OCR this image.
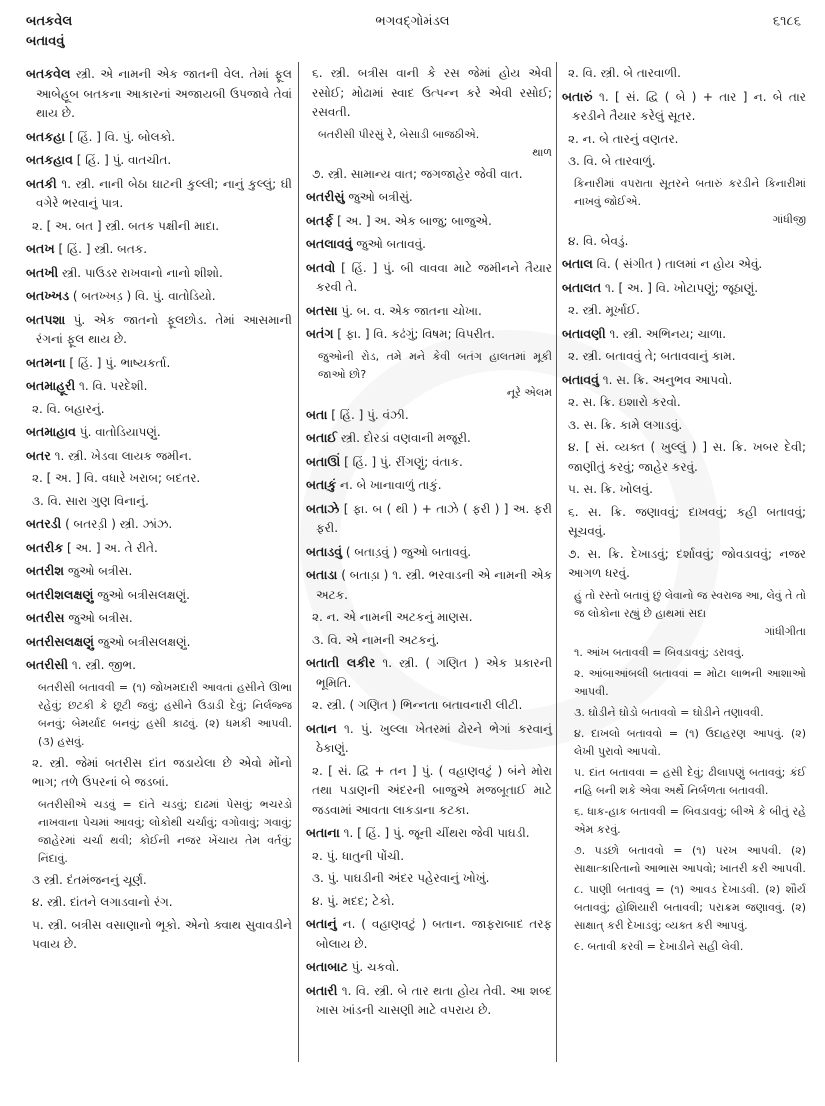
બતકવેલ
બતાવવું
ભગવદ્ગોમંડલ	૬૧૮૬

બતકવેલ સ્ત્રી. એ નામની એક જાતની વેલ. તેમાં ફૂલ આબેહૂબ બતકના આકારનાં અજાયબી ઉપજાવે તેવાં થાય છે.

બતકહા [ હિં. ] વિ. પું. બોલકો.

બતકહાવ [ હિં. ] પું. વાતચીત.

બતકી ૧. સ્ત્રી. નાની બેઠા ઘાટની કુલ્લી; નાનું કુલ્લું; ઘી વગેરે ભરવાનું પાત્ર.

૨. [ અ. બત ] સ્ત્રી. બતક પક્ષીની માદા.

બતખ [ હિં. ] સ્ત્રી. બતક.

બતખી સ્ત્રી. પાઉડર રાખવાનો નાનો શીશો.

બતખ્ખડ ( બતખ્ખડ઼ ) વિ. પું. વાતોડિયો.

બતપશા પું. એક જાતનો ફૂલછોડ. તેમાં આસમાની રંગનાં ફૂલ થાય છે.

બતમના [ હિં. ] પું. ભાષ્યકર્તા.

બતમાહૂરી ૧. વિ. પરદેશી.

૨. વિ. બહારનું.

બતમાહાવ પું. વાતોડિયાપણું.

બતર ૧. સ્ત્રી. ખેડવા લાયક જમીન.

૨. [ અ. ] વિ. વધારે ખરાબ; બદતર.

૩. વિ. સારા ગુણ વિનાનું.

બતરડી ( બતરડ઼ી ) સ્ત્રી. ઝાંઝ.

બતરીક [ અ. ] અ. તે રીતે.

બતરીશ જુઓ બત્રીસ.

બતરીશલક્ષણું જુઓ બત્રીસલક્ષણું.

બતરીસ જુઓ બત્રીસ.

બતરીસલક્ષણું જુઓ બત્રીસલક્ષણું.

બતરીસી ૧. સ્ત્રી. જીભ.

બતરીસી બતાવવી = (૧) જોખમદારી આવતાં હસીને ઊભા રહેવું; છટકી કે છૂટી જવું; હસીને ઉડાડી દેવું; નિર્લજ્જ બનવું; બેમર્યાદ બનવું; હસી કાઢવું. (૨) ધમકી આપવી. (૩) હસવું.

૨. સ્ત્રી. જેમાં બતરીસ દાંત જડાયેલા છે એવો મોંનો ભાગ; તળે ઉપરનાં બે જડબાં.

બતરીસીએ ચડવું = દાંતે ચડવું; દાઢમાં પેસવું; ભચરડો નાખવાના પેચમાં આવવું; લોકોથી ચર્ચાવું; વગોવાવું; ગવાવું; જાહેરમાં ચર્ચા થવી; કોઈની નજર ખેંચાય તેમ વર્તવું; નિંદાવું.

૩ સ્ત્રી. દંતમંજનનું ચૂર્ણ.

૪. સ્ત્રી. દાંતને લગાડવાનો રંગ.

૫. સ્ત્રી. બત્રીસ વસાણાનો ભૂકો. એનો ક્વાથ સુવાવડીને પવાય છે.

૬. સ્ત્રી. બત્રીસ વાની કે રસ જેમાં હોય એવી રસોઈ; મોઢામાં સ્વાદ ઉત્પન્ન કરે એવી રસોઈ; રસવતી.

બતરીસી પીરસું રે, બેસાડી બાજઠીએ.
થાળ

૭. સ્ત્રી. સામાન્ય વાત; જગજાહેર જેવી વાત.

બતરીસું જુઓ બત્રીસું.

બતર્ફ [ અ. ] અ. એક બાજુ; બાજુએ.

બતલાવવું જુઓ બતાવવું.

બતવો [ હિં. ] પું. બી વાવવા માટે જમીનને તૈયાર કરવી તે.

બતસા પું. બ. વ. એક જાતના ચોખા.

બતંગ [ ફા. ] વિ. કઢંગું; વિષમ; વિપરીત.

જુઓની રોડ, તમે મને કેવી બતંગ હાલતમાં મૂકી જાઓ છો?
નૂરે એલમ

બતા [ હિં. ] પું. વંઝી.

બતાઈ સ્ત્રી. દોરડાં વણવાની મજૂરી.

બતાઊં [ હિં. ] પું. રીંગણું; વંતાક.

બતાકું ન. બે ખાનાવાળું તાકું.

બતાઝે [ ફા. બ ( થી ) + તાઝે ( ફરી ) ] અ. ફરી ફરી.

બતાડવું ( બતાડ઼વું ) જુઓ બતાવવું.

બતાડા ( બતાડ઼ા ) ૧. સ્ત્રી. ભરવાડની એ નામની એક અટક.

૨. ન. એ નામની અટકનું માણસ.

૩. વિ. એ નામની અટકનું.

બતાતી લકીર ૧. સ્ત્રી. ( ગણિત ) એક પ્રકારની ભૂમિતિ.

૨. સ્ત્રી. ( ગણિત ) ભિન્નતા બતાવનારી લીટી.

બતાન ૧. પું. ખુલ્લા ખેતરમાં ઢોરને ભેગાં કરવાનું ઠેકાણું.

૨. [ સં. દ્વિ + તન ] પું. ( વહાણવટું ) બંને મોરા તથા પડાણની અંદરની બાજુએ મજબૂતાઈ માટે જડવામાં આવતા લાકડાના કટકા.

બતાના ૧. [ હિં. ] પું. જૂની ચીંથરા જેવી પાઘડી.

૨. પું. ધાતુની પોંચી.

૩. પું. પાઘડીની અંદર પહેરવાનું ખોખું.

૪. પું. મદદ; ટેકો.

બતાનું ન. ( વહાણવટું ) બતાન. જાફરાબાદ તરફ બોલાય છે.

બતાબાટ પું. ચકવો.

બતારી ૧. વિ. સ્ત્રી. બે તાર થતા હોય તેવી. આ શબ્દ ખાસ ખાંડની ચાસણી માટે વપરાય છે.

૨. વિ. સ્ત્રી. બે તારવાળી.

બતારું ૧. [ સં. દ્વિ ( બે ) + તાર ] ન. બે તાર કરડીને તૈયાર કરેલું સૂતર.

૨. ન. બે તારનું વણતર.

૩. વિ. બે તારવાળું.

કિનારીમાં વપરાતા સૂતરને બતારું કરડીને કિનારીમાં નાખવું જોઈએ.
ગાંધીજી

૪. વિ. બેવડું.

બતાલ વિ. ( સંગીત ) તાલમાં ન હોય એવું.

બતાલત ૧. [ અ. ] વિ. ખોટાપણું; જૂઠાણું.

૨. સ્ત્રી. મૂર્ખાઈ.

બતાવણી ૧. સ્ત્રી. અભિનય; ચાળા.

૨. સ્ત્રી. બતાવવું તે; બતાવવાનું કામ.

બતાવવું ૧. સ. ક્રિ. અનુભવ આપવો.

૨. સ. ક્રિ. ઇશારો કરવો.

૩. સ. ક્રિ. કામે લગાડવું.

૪. [ સં. વ્યક્ત ( ખુલ્લું ) ] સ. ક્રિ. ખબર દેવી; જાણીતું કરવું; જાહેર કરવું.

૫. સ. ક્રિ. ખોલવું.

૬. સ. ક્રિ. જણાવવું; દાખવવું; કહી બતાવવું; સૂચવવું.

૭. સ. ક્રિ. દેખાડવું; દર્શાવવું; જોવડાવવું; નજર આગળ ધરવું.

હું તો રસ્તો બતાવું છું લેવાનો જ સ્વરાજ આ, લેવું તે તો જ લોકોના રહ્યું છે હાથમાં સદા
ગાંધીગીતા

૧. આંખ બતાવવી = બિવડાવવું; ડરાવવું.

૨. આંબાઆંબલી બતાવવાં = મોટા લાભની આશાઓ આપવી.

૩. ઘોડીને ઘોડો બતાવવો = ઘોડીને તણાવવી.

૪. દાખલો બતાવવો = (૧) ઉદાહરણ આપવું. (૨) લેખી પુરાવો આપવો.

૫. દાંત બતાવવા = હસી દેવું; ઢીલાપણું બતાવવું; કંઈ નહિ બની શકે એવા અર્થે નિર્બળતા બતાવવી.

૬. ધાક-હાક બતાવવી = બિવડાવવું; બીએ કે બીતું રહે એમ કરવું.

૭. પડછો બતાવવો = (૧) પરખ આપવી. (૨) સાક્ષાત્કારિતાનો આભાસ આપવો; ખાતરી કરી આપવી.

૮. પાણી બતાવવું = (૧) આવડ દેખાડવી. (૨) શૌર્ય બતાવવું; હોશિયારી બતાવવી; પરાક્રમ જણાવવું. (૨) સાક્ષાત્ કરી દેખાડવું; વ્યક્ત કરી આપવું.

૯. બતાવી કરવી = દેખાડીને સહી લેવી.
